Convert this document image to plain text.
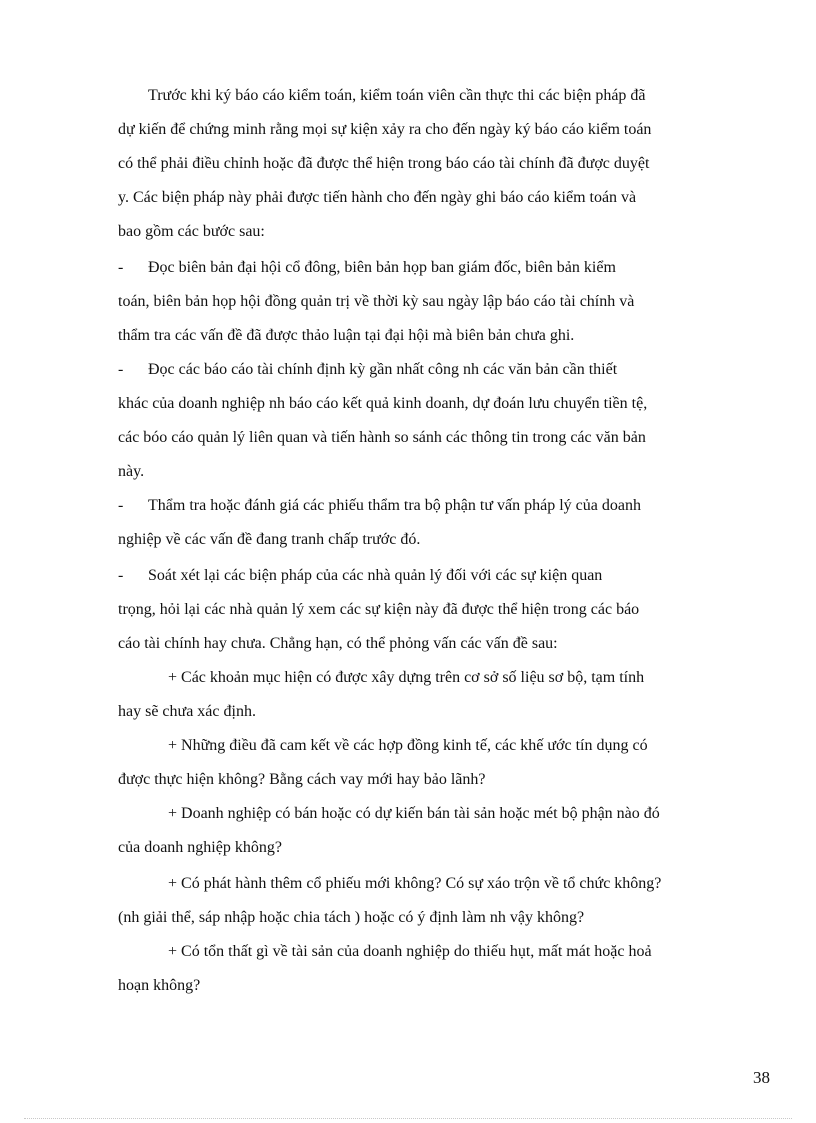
Trước khi ký báo cáo kiểm toán, kiểm toán viên cần thực thi các biện pháp đã
dự kiến để chứng minh rằng mọi sự kiện xảy ra cho đến ngày ký báo cáo kiểm toán
có thể phải điều chỉnh hoặc đã được thể hiện trong báo cáo tài chính đã được duyệt
y. Các biện pháp này phải được tiến hành cho đến ngày ghi báo cáo kiểm toán và
bao gồm các bước sau:
- Đọc biên bản đại hội cổ đông, biên bản họp ban giám đốc, biên bản kiểm
toán, biên bản họp hội đồng quản trị về thời kỳ sau ngày lập báo cáo tài chính và
thẩm tra các vấn đề đã được thảo luận tại đại hội mà biên bản chưa ghi.
- Đọc các báo cáo tài chính định kỳ gần nhất công nh các văn bản cần thiết
khác của doanh nghiệp nh báo cáo kết quả kinh doanh, dự đoán lưu chuyển tiền tệ,
các bóo cáo quản lý liên quan và tiến hành so sánh các thông tin trong các văn bản
này.
- Thẩm tra hoặc đánh giá các phiếu thẩm tra bộ phận tư vấn pháp lý của doanh
nghiệp về các vấn đề đang tranh chấp trước đó.
- Soát xét lại các biện pháp của các nhà quản lý đối với các sự kiện quan
trọng, hỏi lại các nhà quản lý xem các sự kiện này đã được thể hiện trong các báo
cáo tài chính hay chưa. Chẳng hạn, có thể phỏng vấn các vấn đề sau:
+ Các khoản mục hiện có được xây dựng trên cơ sở số liệu sơ bộ, tạm tính
hay sẽ chưa xác định.
+ Những điều đã cam kết về các hợp đồng kinh tế, các khế ước tín dụng có
được thực hiện không? Bằng cách vay mới hay bảo lãnh?
+ Doanh nghiệp có bán hoặc có dự kiến bán tài sản hoặc mét bộ phận nào đó
của doanh nghiệp không?
+ Có phát hành thêm cổ phiếu mới không? Có sự xáo trộn về tổ chức không?
(nh giải thể, sáp nhập hoặc chia tách ) hoặc có ý định làm nh vậy không?
+ Có tổn thất gì về tài sản của doanh nghiệp do thiếu hụt, mất mát hoặc hoả
hoạn không?
38
